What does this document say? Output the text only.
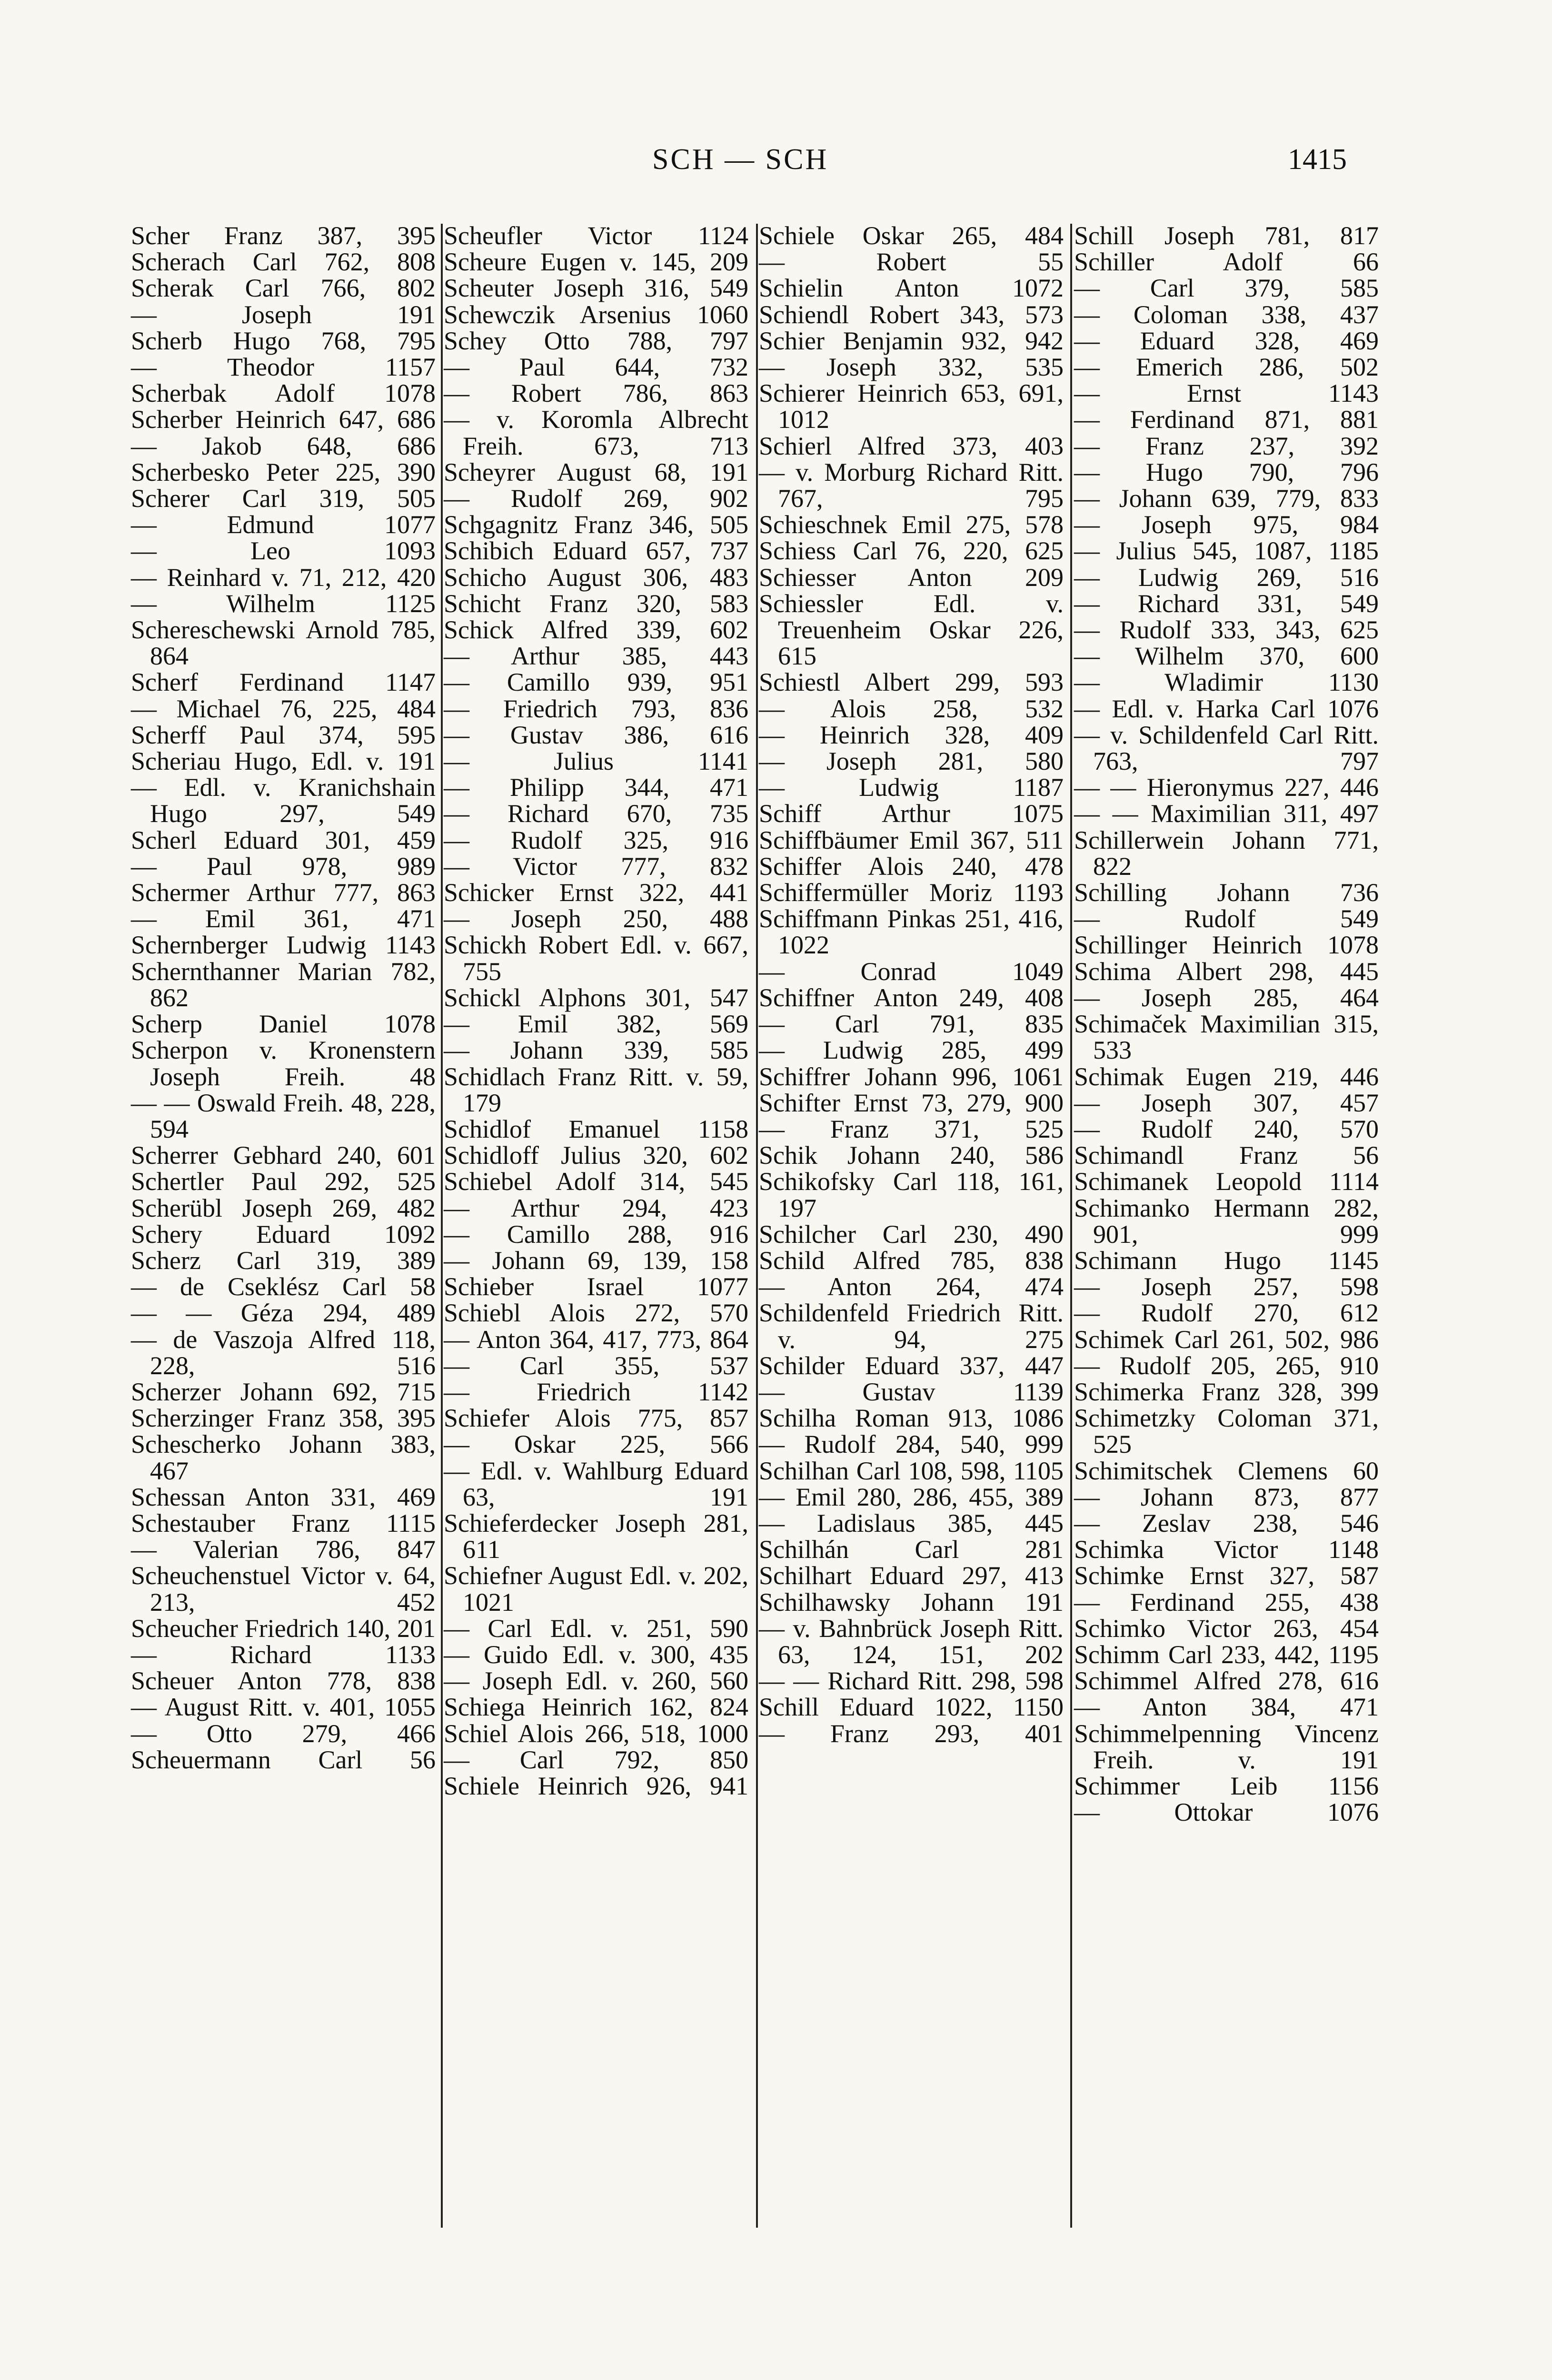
SCH — SCH	1415
Scher Franz 387, 395
Scherach Carl 762, 808
Scherak Carl 766, 802
— Joseph 191
Scherb Hugo 768, 795
— Theodor 1157
Scherbak Adolf 1078
Scherber Heinrich 647, 686
— Jakob 648, 686
Scherbesko Peter 225, 390
Scherer Carl 319, 505
— Edmund 1077
— Leo 1093
— Reinhard v. 71, 212, 420
— Wilhelm 1125
Schereschewski Arnold 785, 864
Scherf Ferdinand 1147
— Michael 76, 225, 484
Scherff Paul 374, 595
Scheriau Hugo, Edl. v. 191
— Edl. v. Kranichshain Hugo 297, 549
Scherl Eduard 301, 459
— Paul 978, 989
Schermer Arthur 777, 863
— Emil 361, 471
Schernberger Ludwig 1143
Schernthanner Marian 782, 862
Scherp Daniel 1078
Scherpon v. Kronenstern Joseph Freih. 48
— — Oswald Freih. 48, 228, 594
Scherrer Gebhard 240, 601
Schertler Paul 292, 525
Scherübl Joseph 269, 482
Schery Eduard 1092
Scherz Carl 319, 389
— de Cseklész Carl 58
— — Géza 294, 489
— de Vaszoja Alfred 118, 228, 516
Scherzer Johann 692, 715
Scherzinger Franz 358, 395
Schescherko Johann 383, 467
Schessan Anton 331, 469
Schestauber Franz 1115
— Valerian 786, 847
Scheuchenstuel Victor v. 64, 213, 452
Scheucher Friedrich 140, 201
— Richard 1133
Scheuer Anton 778, 838
— August Ritt. v. 401, 1055
— Otto 279, 466
Scheuermann Carl 56
Scheufler Victor 1124
Scheure Eugen v. 145, 209
Scheuter Joseph 316, 549
Schewczik Arsenius 1060
Schey Otto 788, 797
— Paul 644, 732
— Robert 786, 863
— v. Koromla Albrecht Freih. 673, 713
Scheyrer August 68, 191
— Rudolf 269, 902
Schgagnitz Franz 346, 505
Schibich Eduard 657, 737
Schicho August 306, 483
Schicht Franz 320, 583
Schick Alfred 339, 602
— Arthur 385, 443
— Camillo 939, 951
— Friedrich 793, 836
— Gustav 386, 616
— Julius 1141
— Philipp 344, 471
— Richard 670, 735
— Rudolf 325, 916
— Victor 777, 832
Schicker Ernst 322, 441
— Joseph 250, 488
Schickh Robert Edl. v. 667, 755
Schickl Alphons 301, 547
— Emil 382, 569
— Johann 339, 585
Schidlach Franz Ritt. v. 59, 179
Schidlof Emanuel 1158
Schidloff Julius 320, 602
Schiebel Adolf 314, 545
— Arthur 294, 423
— Camillo 288, 916
— Johann 69, 139, 158
Schieber Israel 1077
Schiebl Alois 272, 570
— Anton 364, 417, 773, 864
— Carl 355, 537
— Friedrich 1142
Schiefer Alois 775, 857
— Oskar 225, 566
— Edl. v. Wahlburg Eduard 63, 191
Schieferdecker Joseph 281, 611
Schiefner August Edl. v. 202, 1021
— Carl Edl. v. 251, 590
— Guido Edl. v. 300, 435
— Joseph Edl. v. 260, 560
Schiega Heinrich 162, 824
Schiel Alois 266, 518, 1000
— Carl 792, 850
Schiele Heinrich 926, 941
Schiele Oskar 265, 484
— Robert 55
Schielin Anton 1072
Schiendl Robert 343, 573
Schier Benjamin 932, 942
— Joseph 332, 535
Schierer Heinrich 653, 691, 1012
Schierl Alfred 373, 403
— v. Morburg Richard Ritt. 767, 795
Schieschnek Emil 275, 578
Schiess Carl 76, 220, 625
Schiesser Anton 209
Schiessler Edl. v. Treuenheim Oskar 226, 615
Schiestl Albert 299, 593
— Alois 258, 532
— Heinrich 328, 409
— Joseph 281, 580
— Ludwig 1187
Schiff Arthur 1075
Schiffbäumer Emil 367, 511
Schiffer Alois 240, 478
Schiffermüller Moriz 1193
Schiffmann Pinkas 251, 416, 1022
— Conrad 1049
Schiffner Anton 249, 408
— Carl 791, 835
— Ludwig 285, 499
Schiffrer Johann 996, 1061
Schifter Ernst 73, 279, 900
— Franz 371, 525
Schik Johann 240, 586
Schikofsky Carl 118, 161, 197
Schilcher Carl 230, 490
Schild Alfred 785, 838
— Anton 264, 474
Schildenfeld Friedrich Ritt. v. 94, 275
Schilder Eduard 337, 447
— Gustav 1139
Schilha Roman 913, 1086
— Rudolf 284, 540, 999
Schilhan Carl 108, 598, 1105
— Emil 280, 286, 455, 389
— Ladislaus 385, 445
Schilhán Carl 281
Schilhart Eduard 297, 413
Schilhawsky Johann 191
— v. Bahnbrück Joseph Ritt. 63, 124, 151, 202
— — Richard Ritt. 298, 598
Schill Eduard 1022, 1150
— Franz 293, 401
Schill Joseph 781, 817
Schiller Adolf 66
— Carl 379, 585
— Coloman 338, 437
— Eduard 328, 469
— Emerich 286, 502
— Ernst 1143
— Ferdinand 871, 881
— Franz 237, 392
— Hugo 790, 796
— Johann 639, 779, 833
— Joseph 975, 984
— Julius 545, 1087, 1185
— Ludwig 269, 516
— Richard 331, 549
— Rudolf 333, 343, 625
— Wilhelm 370, 600
— Wladimir 1130
— Edl. v. Harka Carl 1076
— v. Schildenfeld Carl Ritt. 763, 797
— — Hieronymus 227, 446
— — Maximilian 311, 497
Schillerwein Johann 771, 822
Schilling Johann 736
— Rudolf 549
Schillinger Heinrich 1078
Schima Albert 298, 445
— Joseph 285, 464
Schimaček Maximilian 315, 533
Schimak Eugen 219, 446
— Joseph 307, 457
— Rudolf 240, 570
Schimandl Franz 56
Schimanek Leopold 1114
Schimanko Hermann 282, 901, 999
Schimann Hugo 1145
— Joseph 257, 598
— Rudolf 270, 612
Schimek Carl 261, 502, 986
— Rudolf 205, 265, 910
Schimerka Franz 328, 399
Schimetzky Coloman 371, 525
Schimitschek Clemens 60
— Johann 873, 877
— Zeslav 238, 546
Schimka Victor 1148
Schimke Ernst 327, 587
— Ferdinand 255, 438
Schimko Victor 263, 454
Schimm Carl 233, 442, 1195
Schimmel Alfred 278, 616
— Anton 384, 471
Schimmelpenning Vincenz Freih. v. 191
Schimmer Leib 1156
— Ottokar 1076
